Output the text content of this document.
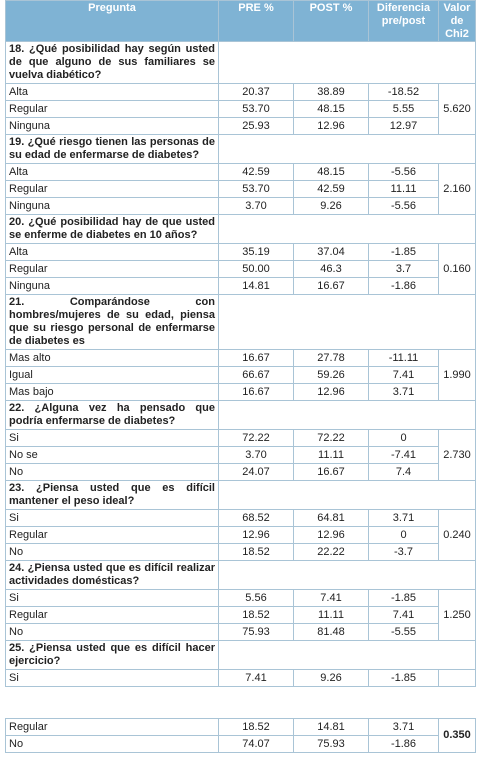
Pregunta	PRE %	POST %	Diferencia pre/post	Valor de Chi2
18. ¿Qué posibilidad hay según usted de que alguno de sus familiares se vuelva diabético?				
Alta	20.37	38.89	-18.52	5.620
Regular	53.70	48.15	5.55	
Ninguna	25.93	12.96	12.97	
19. ¿Qué riesgo tienen las personas de su edad de enfermarse de diabetes?				
Alta	42.59	48.15	-5.56	2.160
Regular	53.70	42.59	11.11	
Ninguna	3.70	9.26	-5.56	
20. ¿Qué posibilidad hay de que usted se enferme de diabetes en 10 años?				
Alta	35.19	37.04	-1.85	0.160
Regular	50.00	46.3	3.7	
Ninguna	14.81	16.67	-1.86	
21. Comparándose con hombres/mujeres de su edad, piensa que su riesgo personal de enfermarse de diabetes es				
Mas alto	16.67	27.78	-11.11	1.990
Igual	66.67	59.26	7.41	
Mas bajo	16.67	12.96	3.71	
22. ¿Alguna vez ha pensado que podría enfermarse de diabetes?				
Si	72.22	72.22	0	2.730
No se	3.70	11.11	-7.41	
No	24.07	16.67	7.4	
23. ¿Piensa usted que es difícil mantener el peso ideal?				
Si	68.52	64.81	3.71	0.240
Regular	12.96	12.96	0	
No	18.52	22.22	-3.7	
24. ¿Piensa usted que es difícil realizar actividades domésticas?				
Si	5.56	7.41	-1.85	1.250
Regular	18.52	11.11	7.41	
No	75.93	81.48	-5.55	
25. ¿Piensa usted que es difícil hacer ejercicio?				
Si	7.41	9.26	-1.85	
Regular	18.52	14.81	3.71	0.350
No	74.07	75.93	-1.86	
